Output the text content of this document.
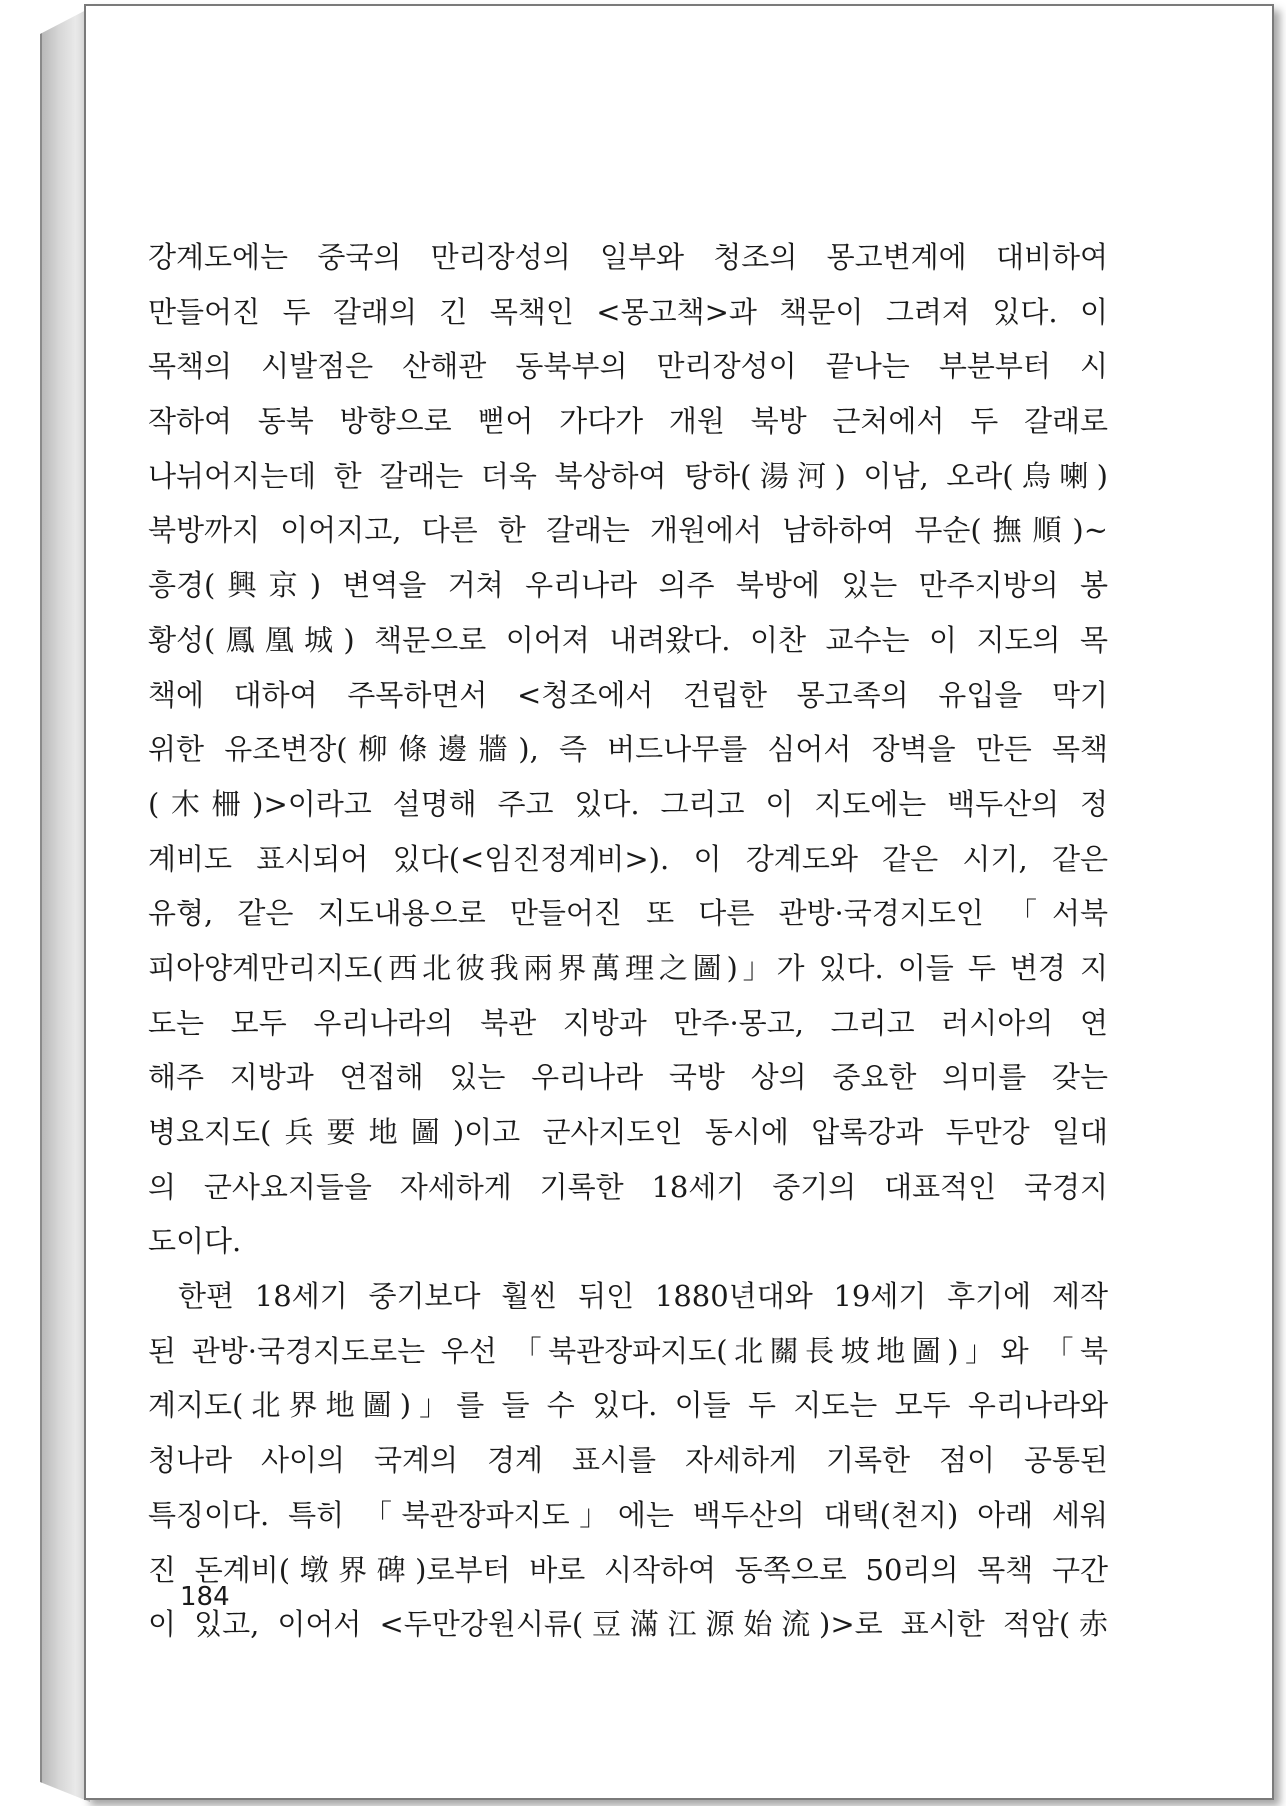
강계도에는 중국의 만리장성의 일부와 청조의 몽고변계에 대비하여
만들어진 두 갈래의 긴 목책인 <몽고책>과 책문이 그려져 있다. 이
목책의 시발점은 산해관 동북부의 만리장성이 끝나는 부분부터 시
작하여 동북 방향으로 뻗어 가다가 개원 북방 근처에서 두 갈래로
나뉘어지는데 한 갈래는 더욱 북상하여 탕하(湯河) 이남, 오라(烏喇)
북방까지 이어지고, 다른 한 갈래는 개원에서 남하하여 무순(撫順)~
흥경(興京) 변역을 거쳐 우리나라 의주 북방에 있는 만주지방의 봉
황성(鳳凰城) 책문으로 이어져 내려왔다. 이찬 교수는 이 지도의 목
책에 대하여 주목하면서 <청조에서 건립한 몽고족의 유입을 막기
위한 유조변장(柳條邊牆), 즉 버드나무를 심어서 장벽을 만든 목책
(木柵)>이라고 설명해 주고 있다. 그리고 이 지도에는 백두산의 정
계비도 표시되어 있다(<임진정계비>). 이 강계도와 같은 시기, 같은
유형, 같은 지도내용으로 만들어진 또 다른 관방·국경지도인 「서북
피아양계만리지도(西北彼我兩界萬理之圖)」가 있다. 이들 두 변경 지
도는 모두 우리나라의 북관 지방과 만주·몽고, 그리고 러시아의 연
해주 지방과 연접해 있는 우리나라 국방 상의 중요한 의미를 갖는
병요지도(兵要地圖)이고 군사지도인 동시에 압록강과 두만강 일대
의 군사요지들을 자세하게 기록한 18세기 중기의 대표적인 국경지
도이다.
한편 18세기 중기보다 훨씬 뒤인 1880년대와 19세기 후기에 제작
된 관방·국경지도로는 우선 「북관장파지도(北關長坡地圖)」와 「북
계지도(北界地圖)」를 들 수 있다. 이들 두 지도는 모두 우리나라와
청나라 사이의 국계의 경계 표시를 자세하게 기록한 점이 공통된
특징이다. 특히 「북관장파지도」에는 백두산의 대택(천지) 아래 세워
진 돈계비(墩界碑)로부터 바로 시작하여 동쪽으로 50리의 목책 구간
이 있고, 이어서 <두만강원시류(豆滿江源始流)>로 표시한 적암(赤
184
